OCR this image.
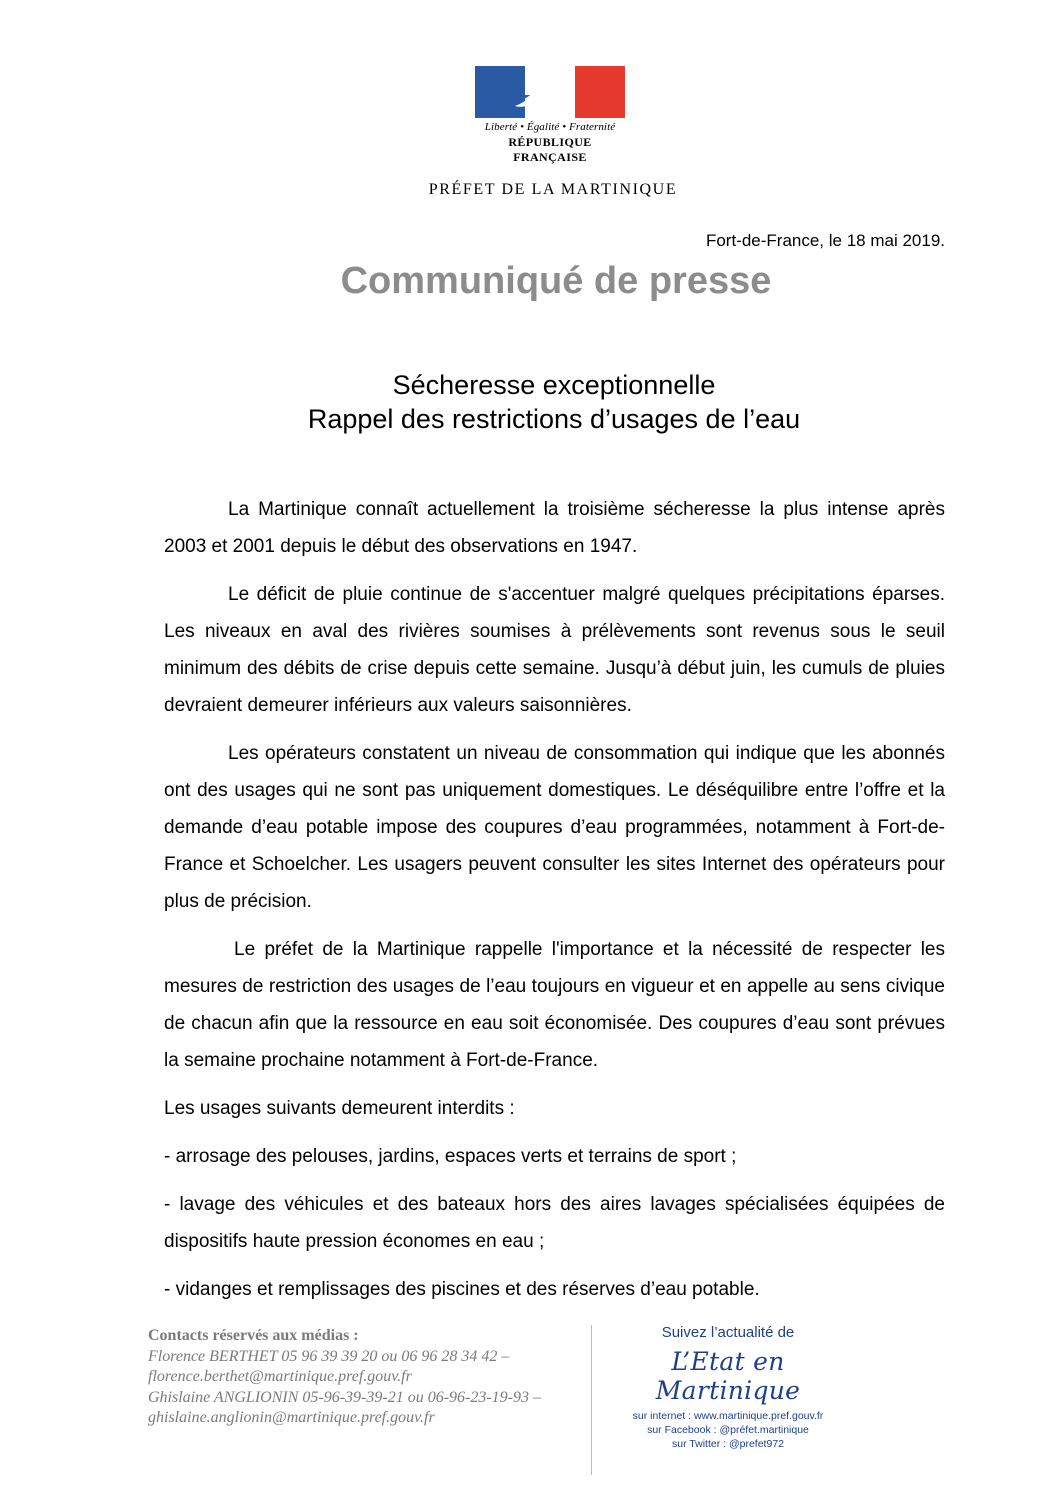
Liberté • Égalité • Fraternité
RÉPUBLIQUE FRANÇAISE
PRÉFET DE LA MARTINIQUE
Fort-de-France, le 18 mai 2019.
Communiqué de presse
Sécheresse exceptionnelle
Rappel des restrictions d’usages de l’eau

La Martinique connaît actuellement la troisième sécheresse la plus intense après 2003 et 2001 depuis le début des observations en 1947.

Le déficit de pluie continue de s'accentuer malgré quelques précipitations éparses. Les niveaux en aval des rivières soumises à prélèvements sont revenus sous le seuil minimum des débits de crise depuis cette semaine. Jusqu’à début juin, les cumuls de pluies devraient demeurer inférieurs aux valeurs saisonnières.

Les opérateurs constatent un niveau de consommation qui indique que les abonnés ont des usages qui ne sont pas uniquement domestiques. Le déséquilibre entre l’offre et la demande d’eau potable impose des coupures d’eau programmées, notamment à Fort-de-France et Schoelcher. Les usagers peuvent consulter les sites Internet des opérateurs pour plus de précision.

Le préfet de la Martinique rappelle l'importance et la nécessité de respecter les mesures de restriction des usages de l’eau toujours en vigueur et en appelle au sens civique de chacun afin que la ressource en eau soit économisée. Des coupures d’eau sont prévues la semaine prochaine notamment à Fort-de-France.

Les usages suivants demeurent interdits :

- arrosage des pelouses, jardins, espaces verts et terrains de sport ;

- lavage des véhicules et des bateaux hors des aires lavages spécialisées équipées de dispositifs haute pression économes en eau ;

- vidanges et remplissages des piscines et des réserves d’eau potable.

Contacts réservés aux médias :
Florence BERTHET 05 96 39 39 20 ou 06 96 28 34 42 – florence.berthet@martinique.pref.gouv.fr
Ghislaine ANGLIONIN 05-96-39-39-21 ou 06-96-23-19-93 – ghislaine.anglionin@martinique.pref.gouv.fr
Suivez l’actualité de
L’Etat en Martinique
sur internet : www.martinique.pref.gouv.fr
sur Facebook : @préfet.martinique
sur Twitter : @prefet972
